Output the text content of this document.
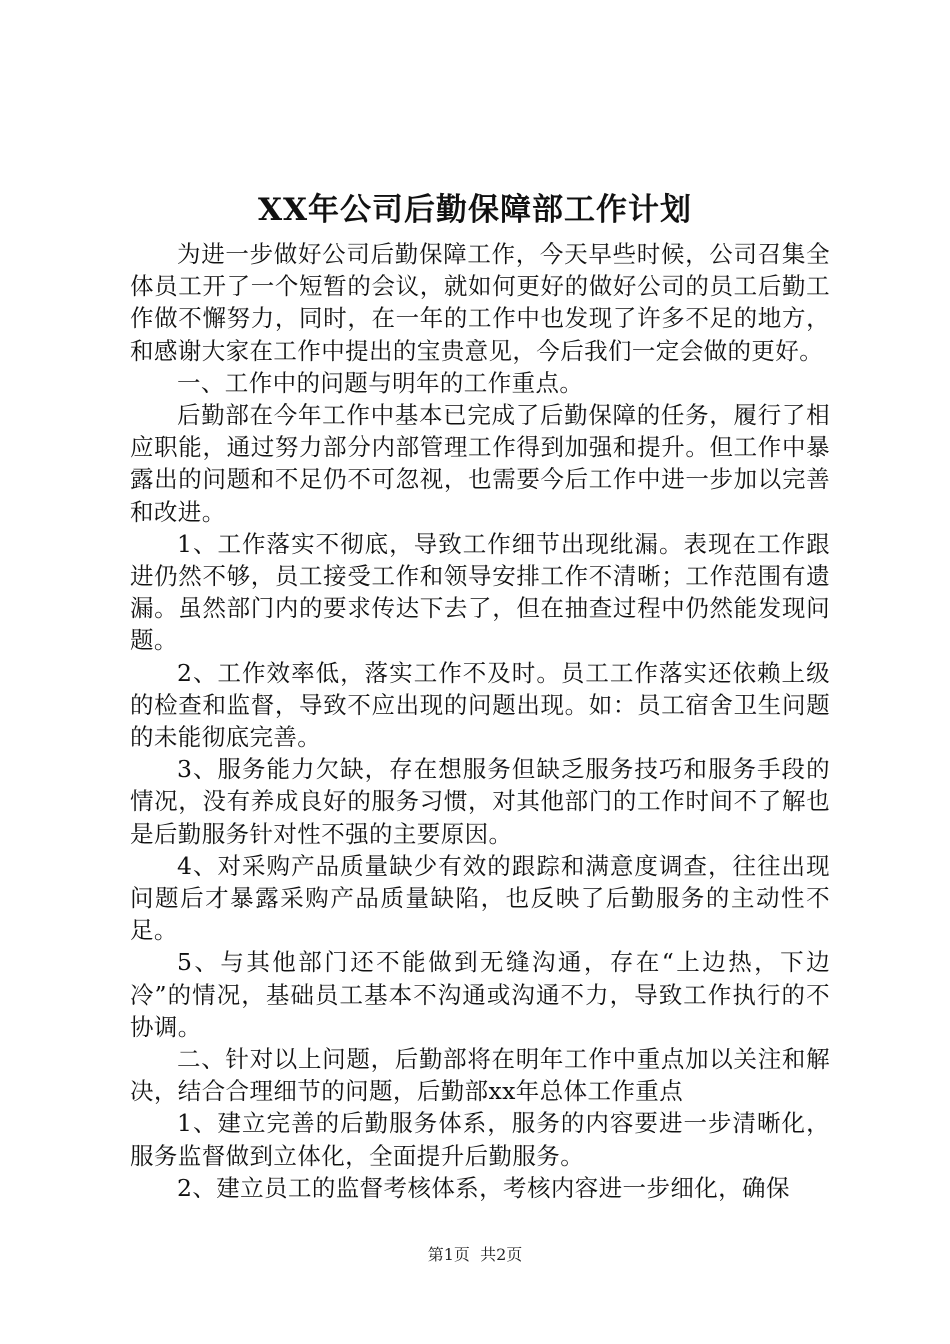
XX年公司后勤保障部工作计划

为进一步做好公司后勤保障工作，今天早些时候，公司召集全体员工开了一个短暂的会议，就如何更好的做好公司的员工后勤工作做不懈努力，同时，在一年的工作中也发现了许多不足的地方，和感谢大家在工作中提出的宝贵意见，今后我们一定会做的更好。

一、工作中的问题与明年的工作重点。

后勤部在今年工作中基本已完成了后勤保障的任务，履行了相应职能，通过努力部分内部管理工作得到加强和提升。但工作中暴露出的问题和不足仍不可忽视，也需要今后工作中进一步加以完善和改进。

1、工作落实不彻底，导致工作细节出现纰漏。表现在工作跟进仍然不够，员工接受工作和领导安排工作不清晰；工作范围有遗漏。虽然部门内的要求传达下去了，但在抽查过程中仍然能发现问题。

2、工作效率低，落实工作不及时。员工工作落实还依赖上级的检查和监督，导致不应出现的问题出现。如：员工宿舍卫生问题的未能彻底完善。

3、服务能力欠缺，存在想服务但缺乏服务技巧和服务手段的情况，没有养成良好的服务习惯，对其他部门的工作时间不了解也是后勤服务针对性不强的主要原因。

4、对采购产品质量缺少有效的跟踪和满意度调查，往往出现问题后才暴露采购产品质量缺陷，也反映了后勤服务的主动性不足。

5、与其他部门还不能做到无缝沟通，存在“上边热，下边冷”的情况，基础员工基本不沟通或沟通不力，导致工作执行的不协调。

二、针对以上问题，后勤部将在明年工作中重点加以关注和解决，结合合理细节的问题，后勤部xx年总体工作重点

1、建立完善的后勤服务体系，服务的内容要进一步清晰化，服务监督做到立体化，全面提升后勤服务。

2、建立员工的监督考核体系，考核内容进一步细化，确保

第1页 共2页
